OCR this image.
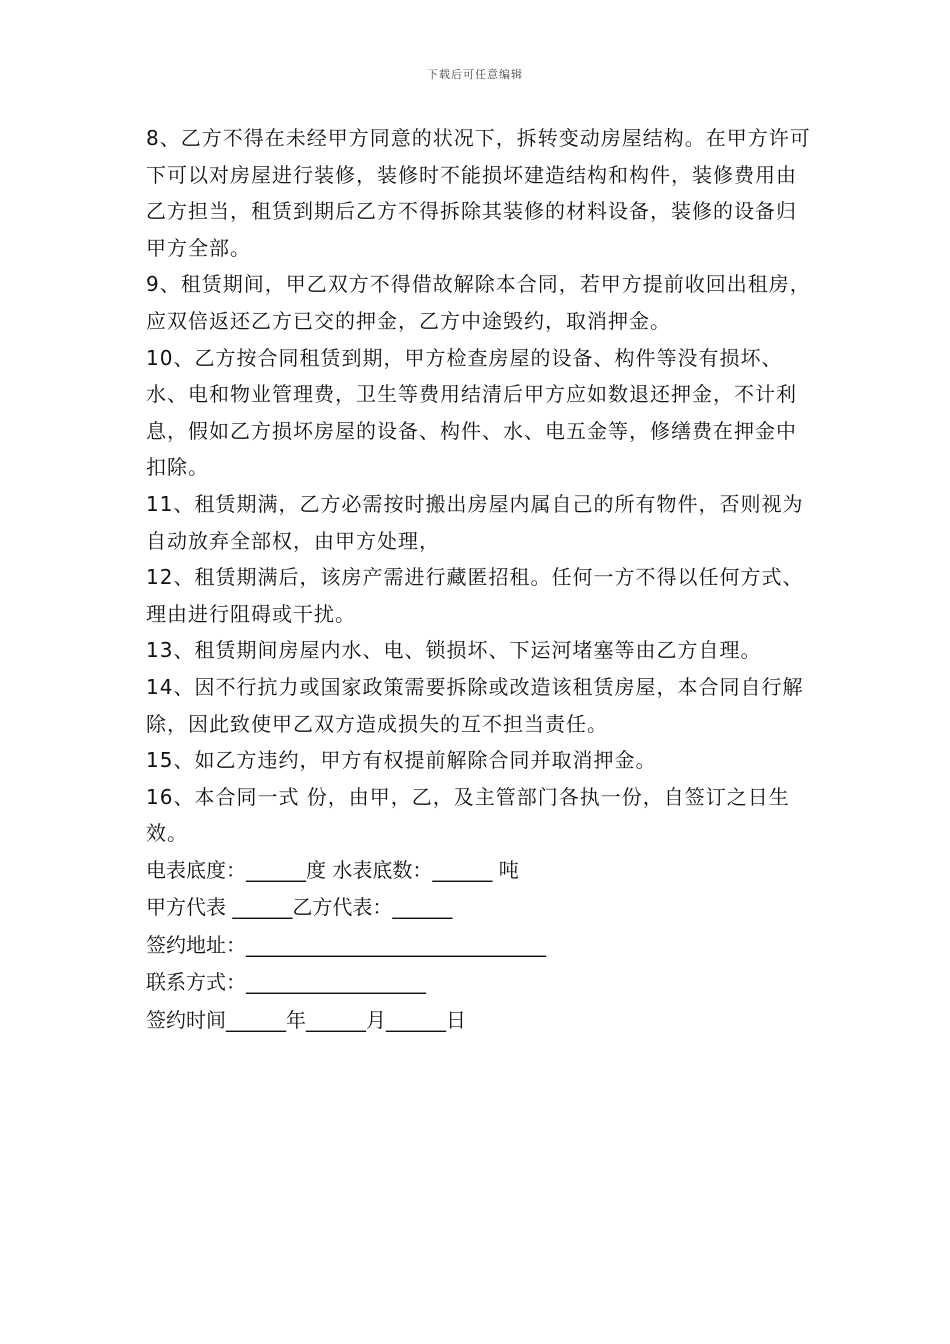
下载后可任意编辑

8、乙方不得在未经甲方同意的状况下，拆转变动房屋结构。在甲方许可下可以对房屋进行装修，装修时不能损坏建造结构和构件，装修费用由乙方担当，租赁到期后乙方不得拆除其装修的材料设备，装修的设备归甲方全部。

9、租赁期间，甲乙双方不得借故解除本合同，若甲方提前收回出租房，应双倍返还乙方已交的押金，乙方中途毁约，取消押金。

10、乙方按合同租赁到期，甲方检查房屋的设备、构件等没有损坏、水、电和物业管理费，卫生等费用结清后甲方应如数退还押金，不计利息，假如乙方损坏房屋的设备、构件、水、电五金等，修缮费在押金中扣除。

11、租赁期满，乙方必需按时搬出房屋内属自己的所有物件，否则视为自动放弃全部权，由甲方处理，

12、租赁期满后，该房产需进行藏匿招租。任何一方不得以任何方式、理由进行阻碍或干扰。

13、租赁期间房屋内水、电、锁损坏、下运河堵塞等由乙方自理。

14、因不行抗力或国家政策需要拆除或改造该租赁房屋，本合同自行解除，因此致使甲乙双方造成损失的互不担当责任。

15、如乙方违约，甲方有权提前解除合同并取消押金。

16、本合同一式 份，由甲，乙，及主管部门各执一份，自签订之日生效。

电表底度：______度 水表底数：______ 吨

甲方代表 ______乙方代表：______

签约地址：______________________________

联系方式：__________________

签约时间______年______月______日
